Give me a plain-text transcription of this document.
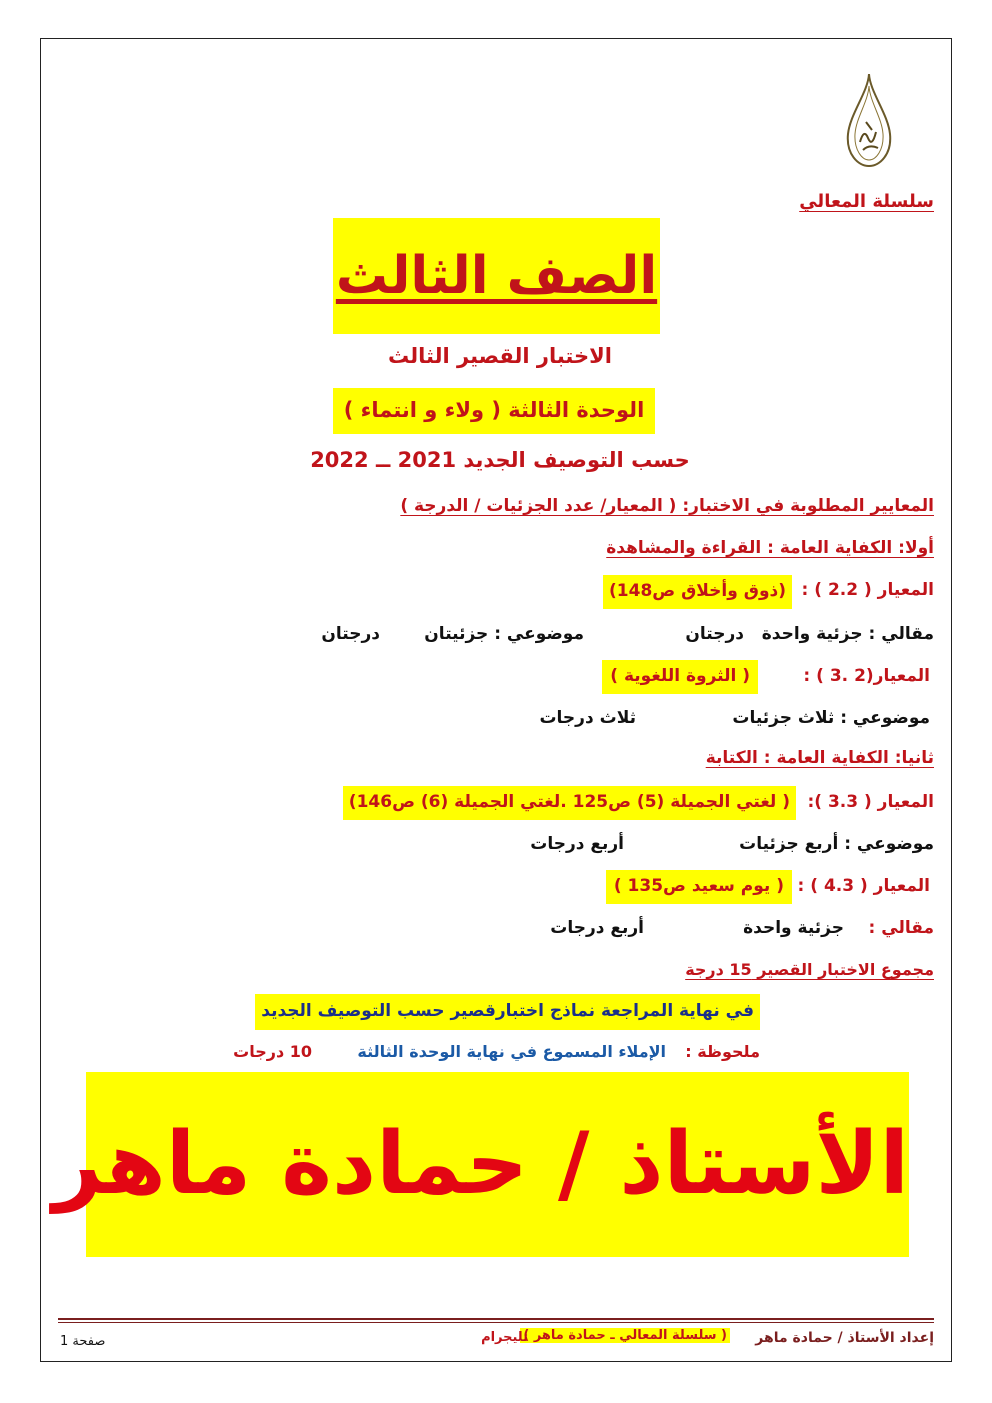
سلسلة المعالي
الصف الثالث
الاختبار القصير الثالث
الوحدة الثالثة ( ولاء و انتماء )
حسب التوصيف الجديد 2021 ــ 2022
المعايير المطلوبة في الاختبار: ( المعيار/ عدد الجزئيات / الدرجة )
أولا: الكفاية العامة : القراءة والمشاهدة
المعيار ( 2.2 ) :
(ذوق وأخلاق ص148)
مقالي : جزئية واحدة
درجتان
موضوعي : جزئيتان
درجتان
المعيار(2 .3 ) :
( الثروة اللغوية )
موضوعي : ثلاث جزئيات
ثلاث درجات
ثانيا: الكفاية العامة : الكتابة
المعيار ( 3.3 ):
( لغتي الجميلة (5) ص125 .لغتي الجميلة (6) ص146)
موضوعي : أربع جزئيات
أربع درجات
المعيار ( 4.3 ) :
( يوم سعيد ص135 )
مقالي :
جزئية واحدة
أربع درجات
مجموع الاختبار القصير 15 درجة
في نهاية المراجعة نماذج اختبارقصير حسب التوصيف الجديد
ملحوظة :
الإملاء المسموع في نهاية الوحدة الثالثة
10 درجات
الأستاذ / حمادة ماهر
إعداد الأستاذ / حمادة ماهر
( سلسلة المعالي ـ حمادة ماهر )
تليجرام
صفحة 1
